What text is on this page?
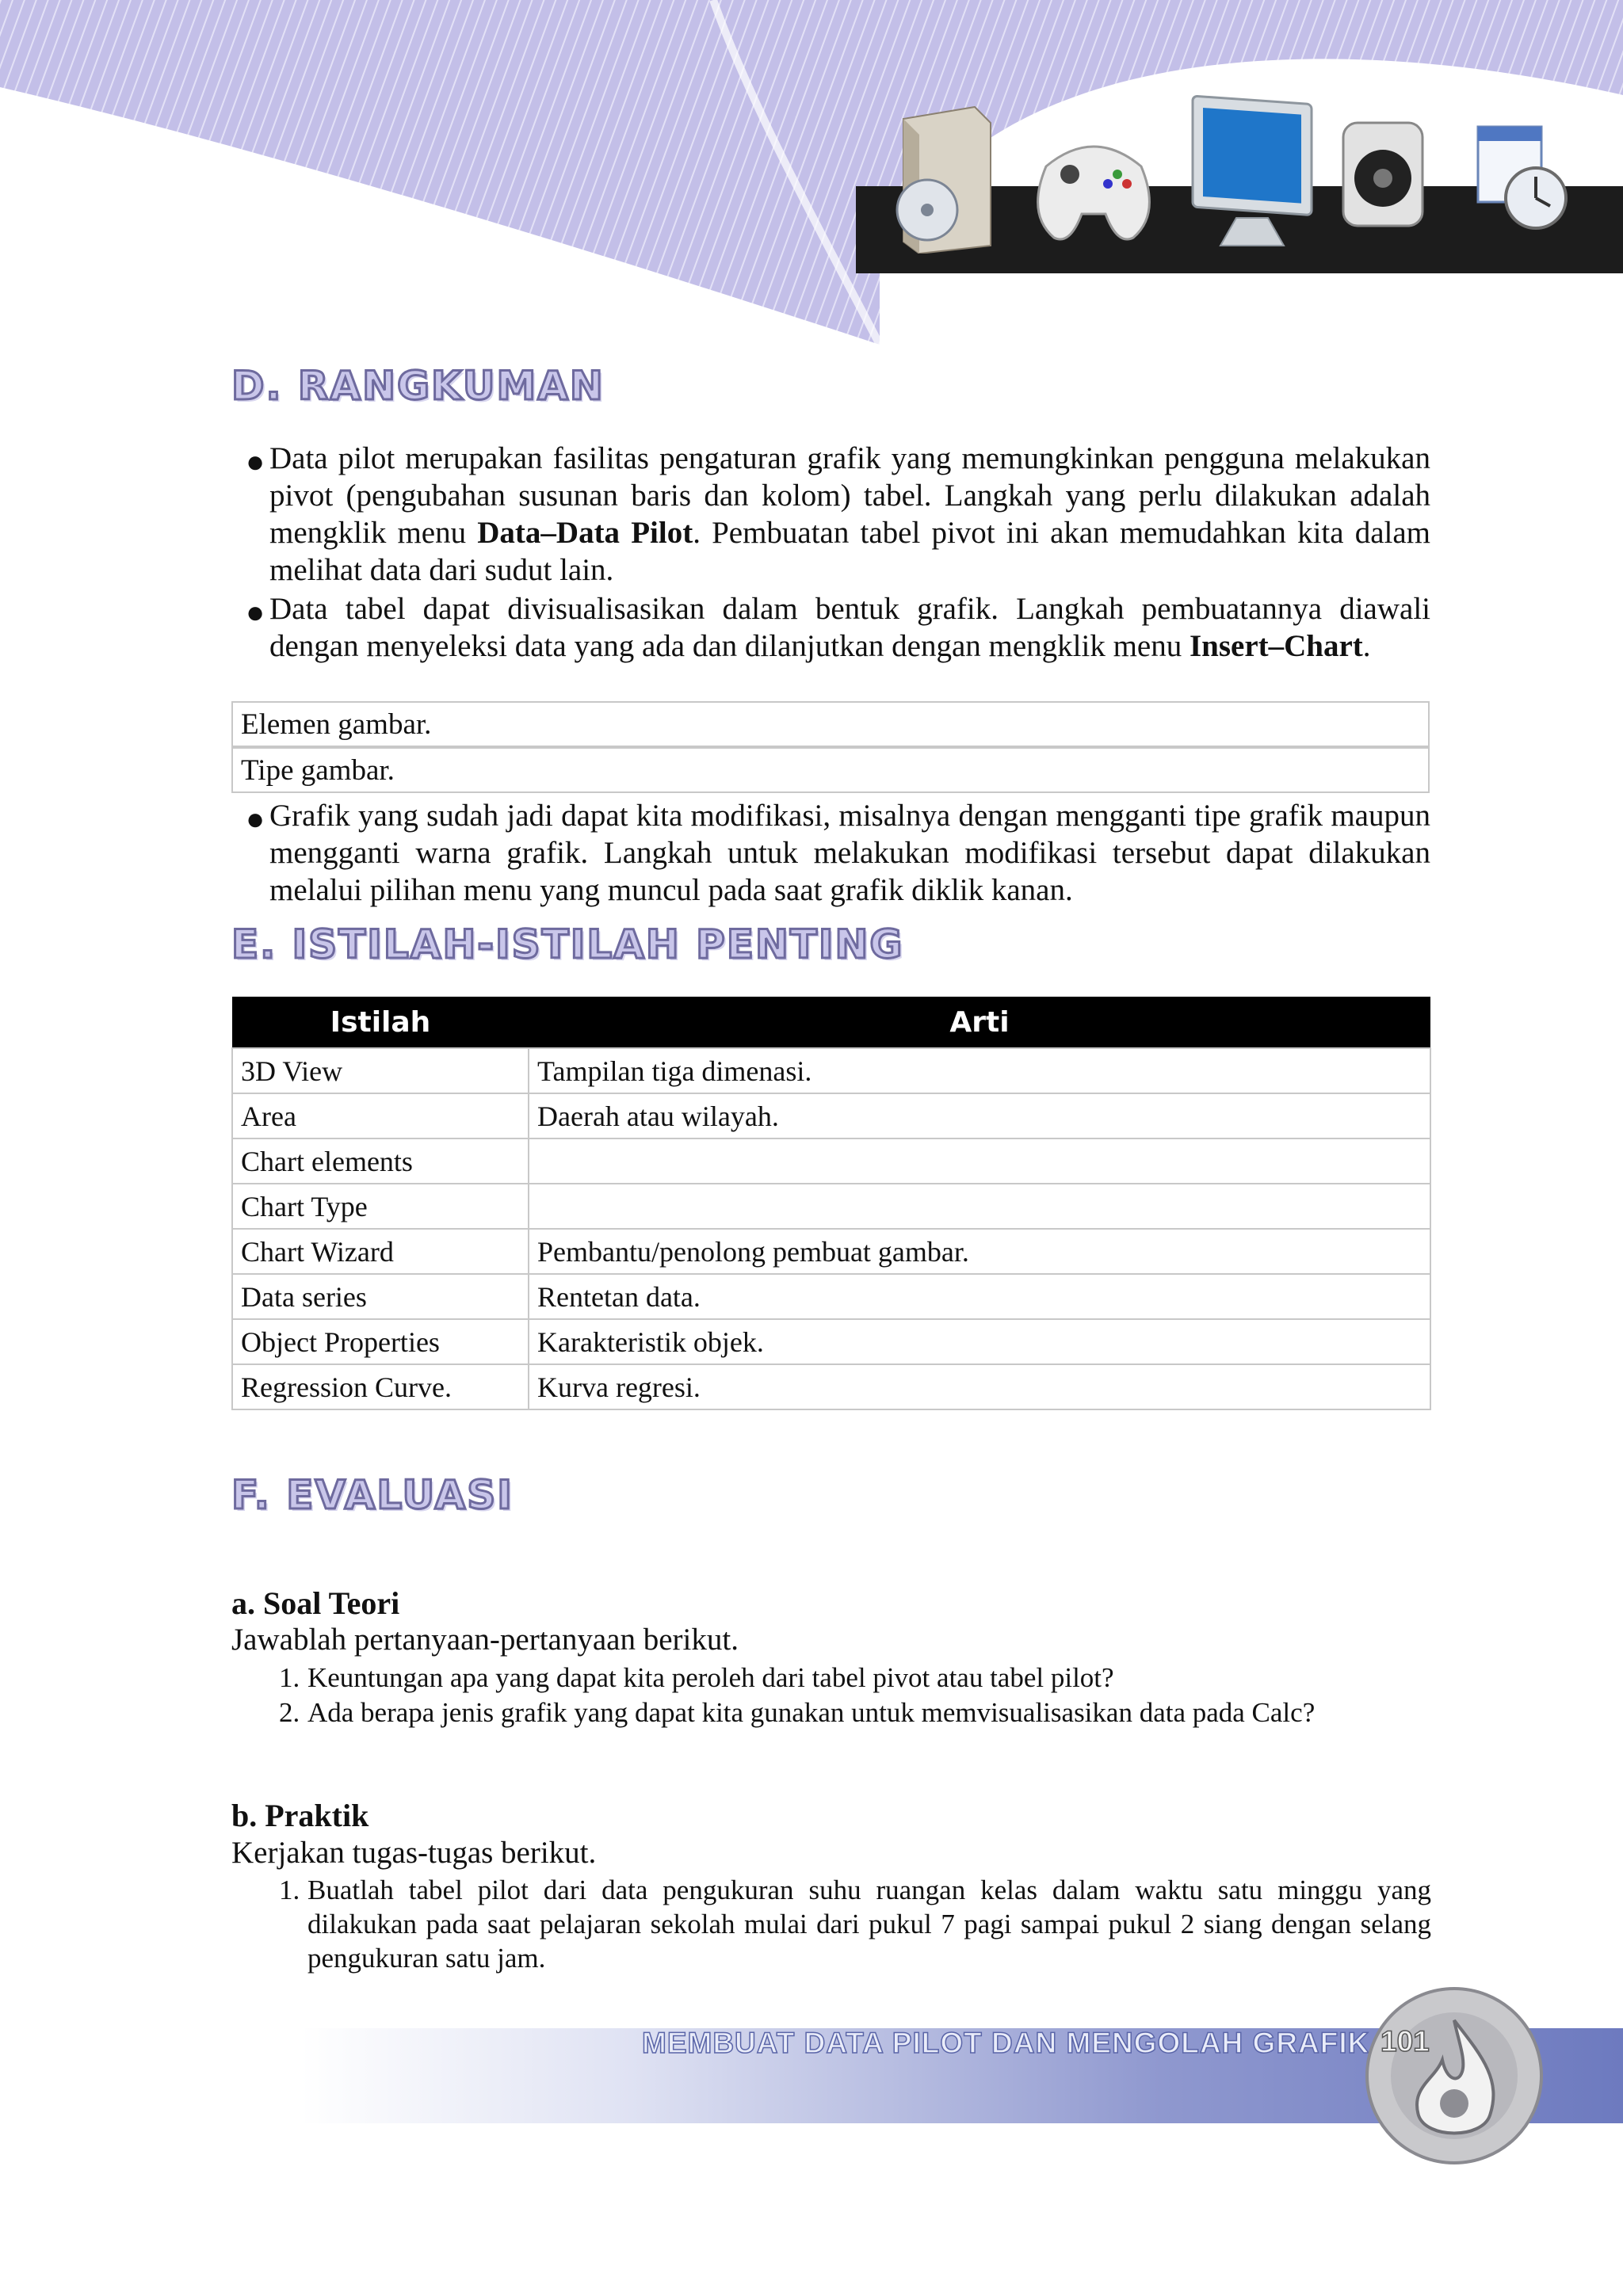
D. RANGKUMAN
● Data pilot merupakan fasilitas pengaturan grafik yang memungkinkan pengguna melakukan pivot (pengubahan susunan baris dan kolom) tabel. Langkah yang perlu dilakukan adalah mengklik menu Data–Data Pilot. Pembuatan tabel pivot ini akan memudahkan kita dalam melihat data dari sudut lain.

● Data tabel dapat divisualisasikan dalam bentuk grafik. Langkah pembuatannya diawali dengan menyeleksi data yang ada dan dilanjutkan dengan mengklik menu Insert–Chart.

Elemen gambar.
Tipe gambar.
● Grafik yang sudah jadi dapat kita modifikasi, misalnya dengan mengganti tipe grafik maupun mengganti warna grafik. Langkah untuk melakukan modifikasi tersebut dapat dilakukan melalui pilihan menu yang muncul pada saat grafik diklik kanan.

E. ISTILAH-ISTILAH PENTING
Istilah	Arti
3D View	Tampilan tiga dimenasi.
Area	Daerah atau wilayah.
Chart elements	
Chart Type	
Chart Wizard	Pembantu/penolong pembuat gambar.
Data series	Rentetan data.
Object Properties	Karakteristik objek.
Regression Curve.	Kurva regresi.
F. EVALUASI
a. Soal Teori
Jawablah pertanyaan-pertanyaan berikut.
1. Keuntungan apa yang dapat kita peroleh dari tabel pivot atau tabel pilot?

2. Ada berapa jenis grafik yang dapat kita gunakan untuk memvisualisasikan data pada Calc?

b. Praktik
Kerjakan tugas-tugas berikut.
1. Buatlah tabel pilot dari data pengukuran suhu ruangan kelas dalam waktu satu minggu yang dilakukan pada saat pelajaran sekolah mulai dari pukul 7 pagi sampai pukul 2 siang dengan selang pengukuran satu jam.

MEMBUAT DATA PILOT DAN MENGOLAH GRAFIK 101
